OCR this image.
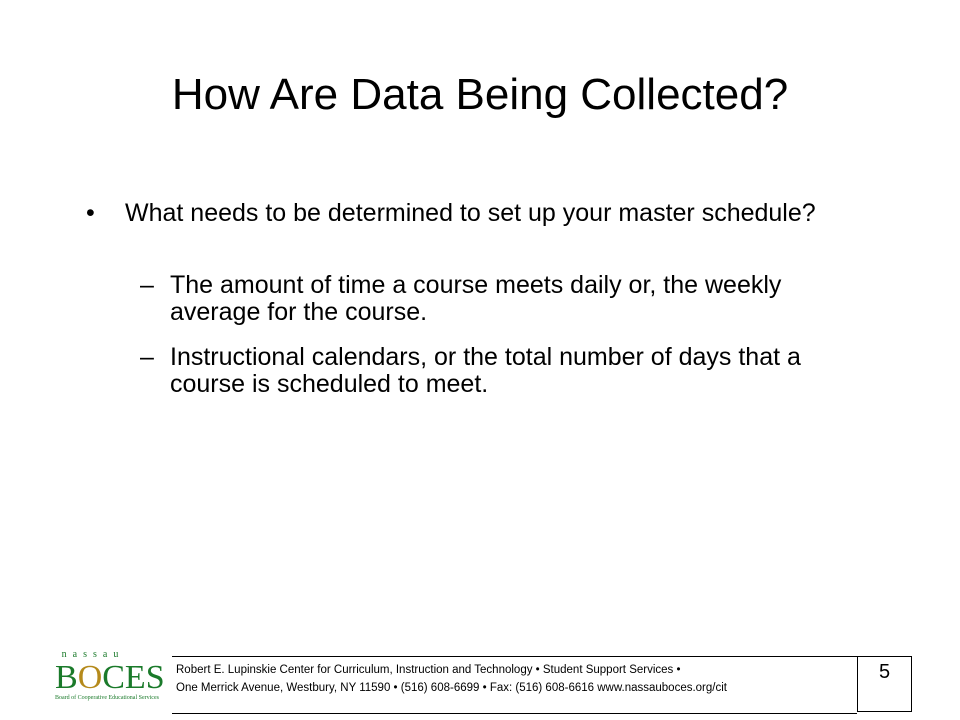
How Are Data Being Collected?
• What needs to be determined to set up your master schedule?
– The amount of time a course meets daily or, the weekly average for the course.
– Instructional calendars, or the total number of days that a course is scheduled to meet.
nassau
BOCES
Board of Cooperative Educational Services
Robert E. Lupinskie Center for Curriculum, Instruction and Technology • Student Support Services •
One Merrick Avenue, Westbury, NY 11590 • (516) 608-6699 • Fax: (516) 608-6616 www.nassauboces.org/cit
5
